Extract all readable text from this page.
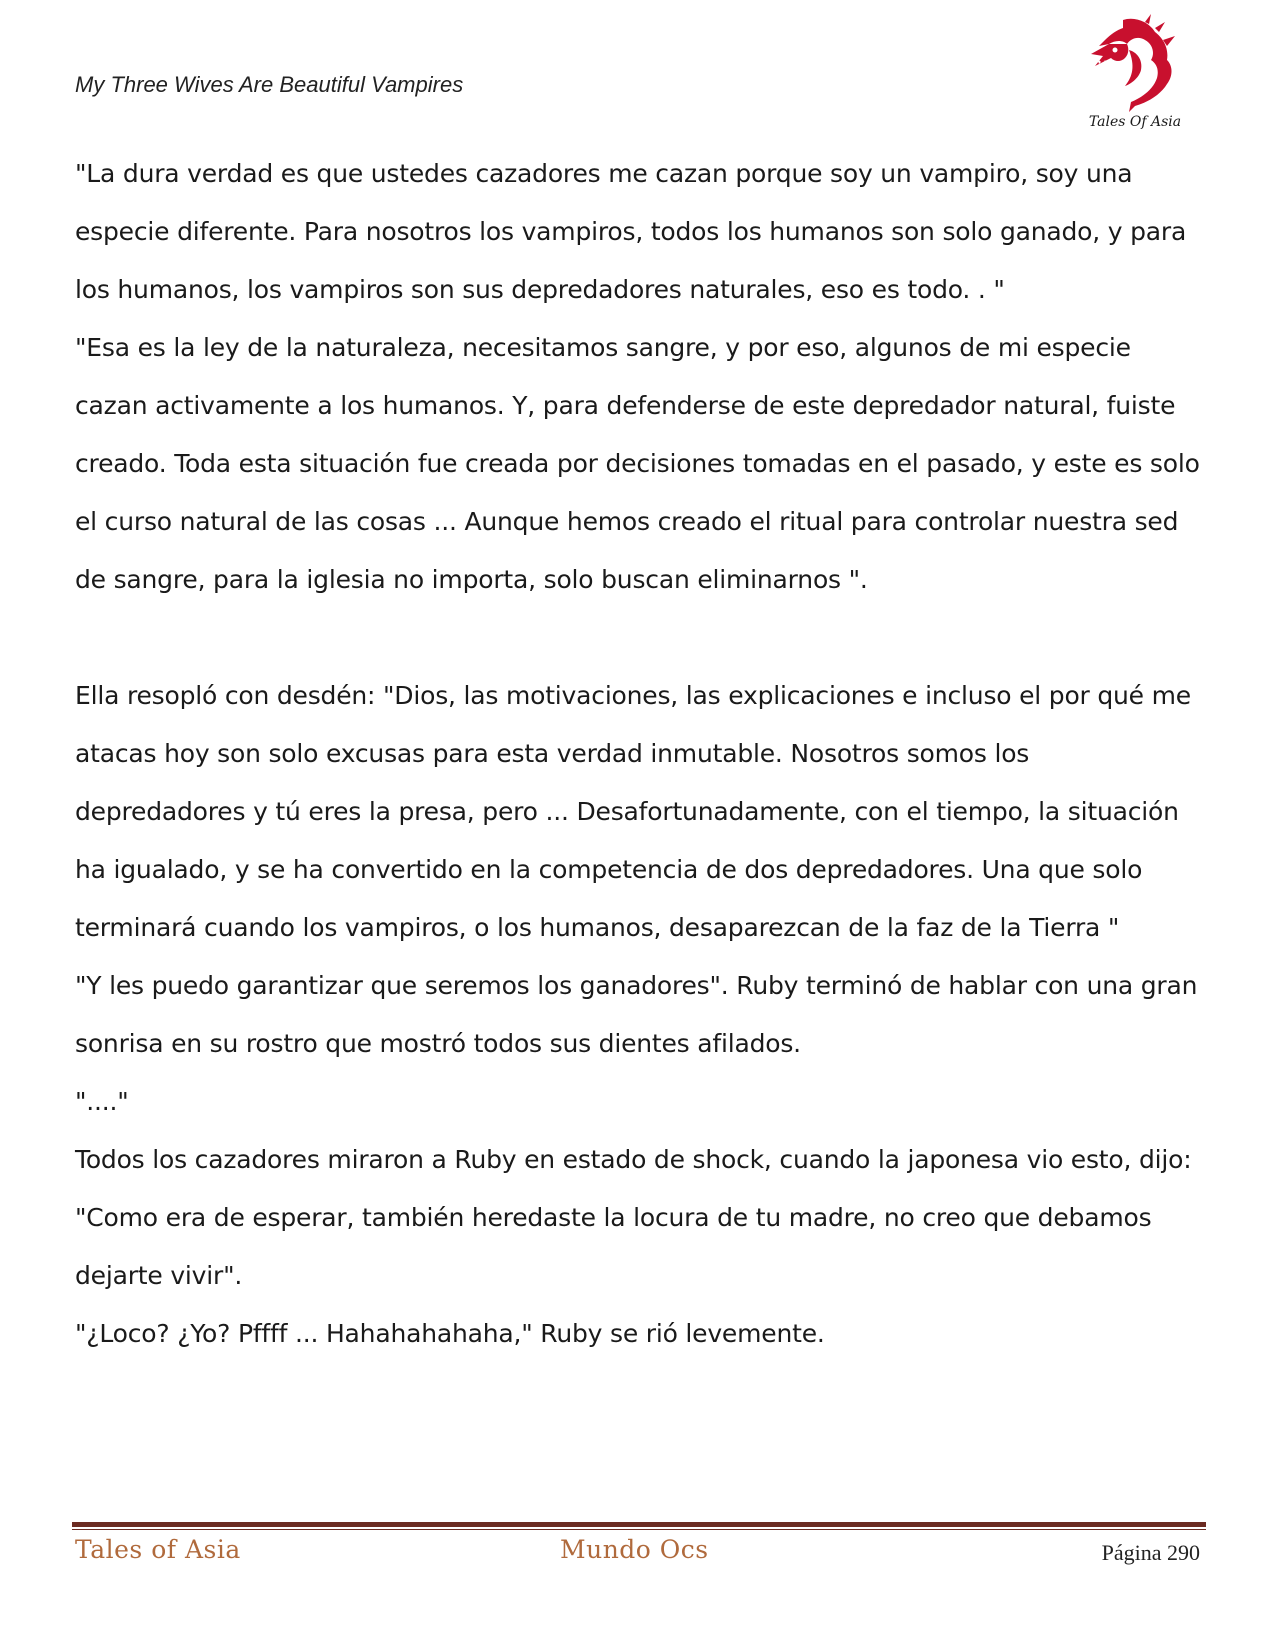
My Three Wives Are Beautiful Vampires
Tales Of Asia

"La dura verdad es que ustedes cazadores me cazan porque soy un vampiro, soy una especie diferente. Para nosotros los vampiros, todos los humanos son solo ganado, y para los humanos, los vampiros son sus depredadores naturales, eso es todo. . "

"Esa es la ley de la naturaleza, necesitamos sangre, y por eso, algunos de mi especie cazan activamente a los humanos. Y, para defenderse de este depredador natural, fuiste creado. Toda esta situación fue creada por decisiones tomadas en el pasado, y este es solo el curso natural de las cosas ... Aunque hemos creado el ritual para controlar nuestra sed de sangre, para la iglesia no importa, solo buscan eliminarnos ".

Ella resopló con desdén: "Dios, las motivaciones, las explicaciones e incluso el por qué me atacas hoy son solo excusas para esta verdad inmutable. Nosotros somos los depredadores y tú eres la presa, pero ... Desafortunadamente, con el tiempo, la situación ha igualado, y se ha convertido en la competencia de dos depredadores. Una que solo terminará cuando los vampiros, o los humanos, desaparezcan de la faz de la Tierra "

"Y les puedo garantizar que seremos los ganadores". Ruby terminó de hablar con una gran sonrisa en su rostro que mostró todos sus dientes afilados.

"...."

Todos los cazadores miraron a Ruby en estado de shock, cuando la japonesa vio esto, dijo:

"Como era de esperar, también heredaste la locura de tu madre, no creo que debamos dejarte vivir".

"¿Loco? ¿Yo? Pffff ... Hahahahahaha," Ruby se rió levemente.

Tales of Asia	Mundo Ocs	Página 290
